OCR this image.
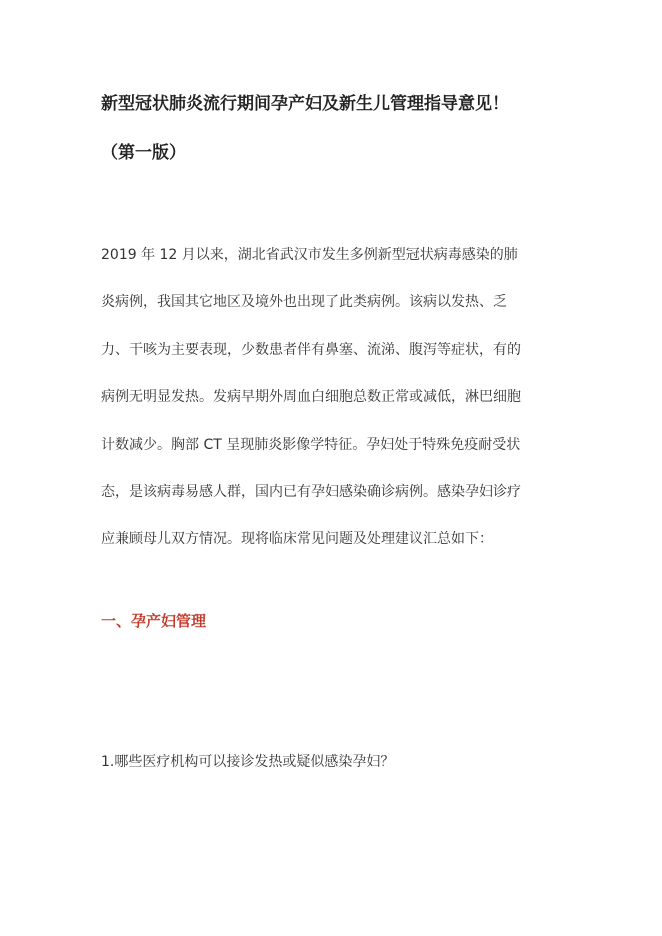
新型冠状肺炎流行期间孕产妇及新生儿管理指导意见！
（第一版）
2019 年 12 月以来，湖北省武汉市发生多例新型冠状病毒感染的肺
炎病例，我国其它地区及境外也出现了此类病例。该病以发热、乏
力、干咳为主要表现，少数患者伴有鼻塞、流涕、腹泻等症状，有的
病例无明显发热。发病早期外周血白细胞总数正常或减低，淋巴细胞
计数减少。胸部 CT 呈现肺炎影像学特征。孕妇处于特殊免疫耐受状
态，是该病毒易感人群，国内已有孕妇感染确诊病例。感染孕妇诊疗
应兼顾母儿双方情况。现将临床常见问题及处理建议汇总如下：
一、孕产妇管理

1.哪些医疗机构可以接诊发热或疑似感染孕妇？
